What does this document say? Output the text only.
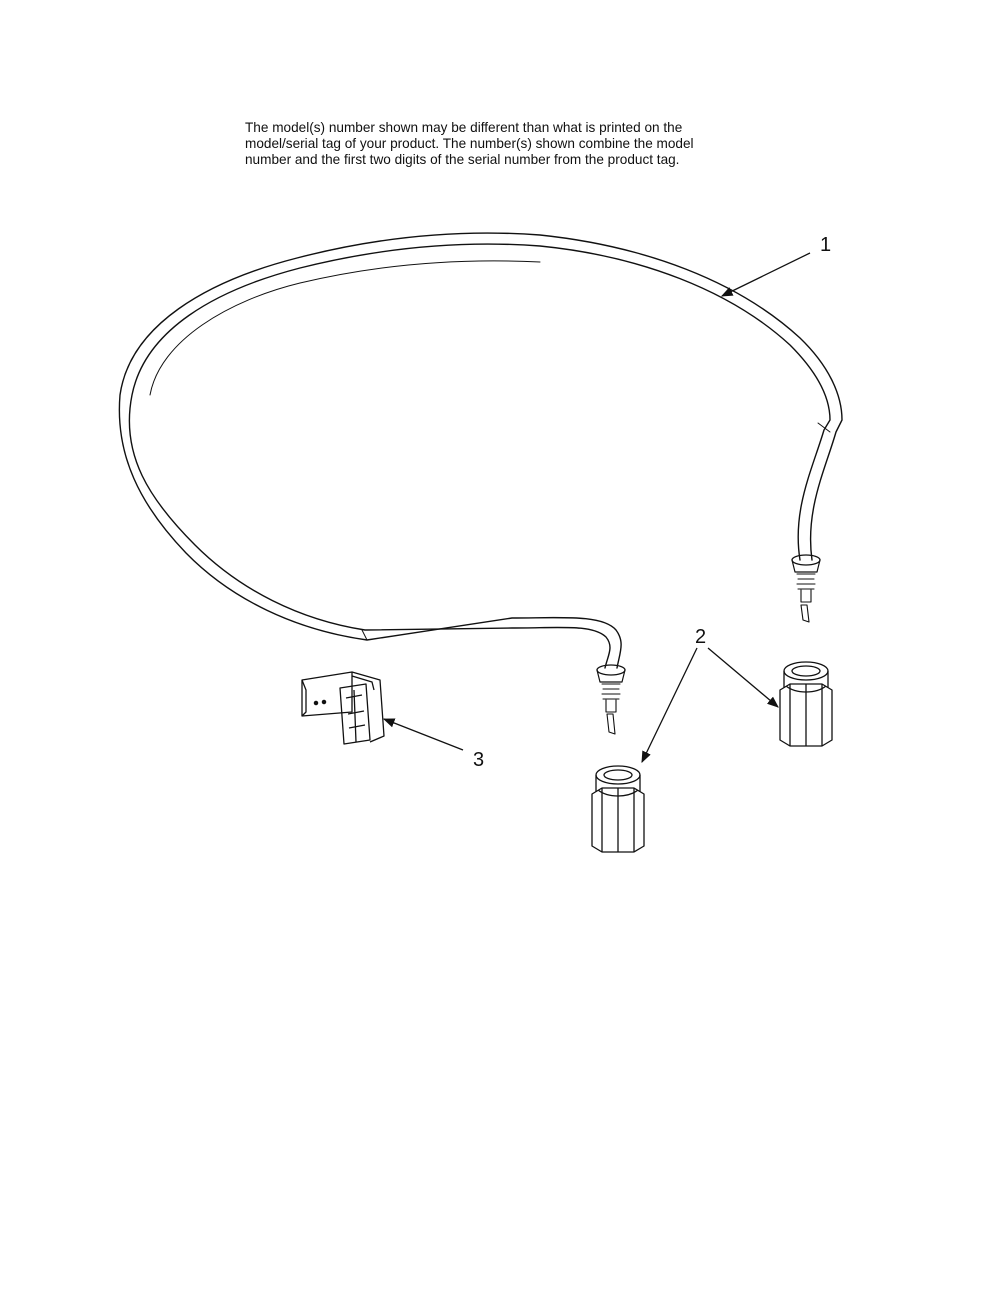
The model(s) number shown may be different than what is printed on the
model/serial tag of your product. The number(s) shown combine the model
number and the first two digits of the serial number from the product tag.

1
2
3
